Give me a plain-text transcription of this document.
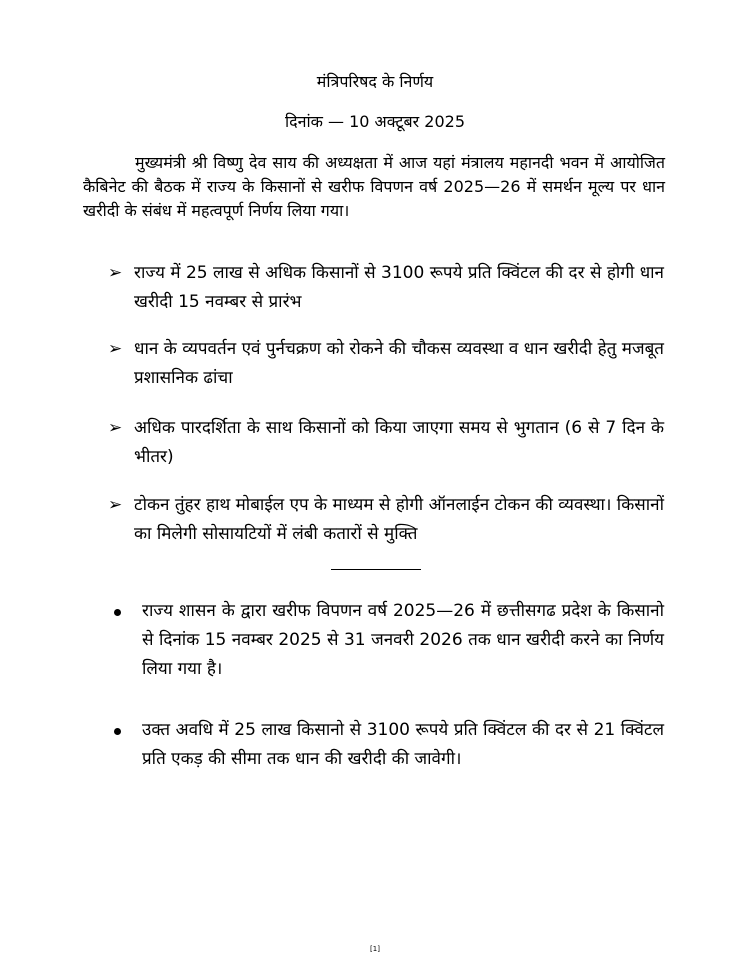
मंत्रिपरिषद के निर्णय
दिनांक — 10 अक्टूबर 2025
मुख्यमंत्री श्री विष्णु देव साय की अध्यक्षता में आज यहां मंत्रालय महानदी भवन में आयोजित कैबिनेट की बैठक में राज्य के किसानों से खरीफ विपणन वर्ष 2025—26 में समर्थन मूल्य पर धान खरीदी के संबंध में महत्वपूर्ण निर्णय लिया गया।
➢ राज्य में 25 लाख से अधिक किसानों से 3100 रूपये प्रति क्विंटल की दर से होगी धान खरीदी 15 नवम्बर से प्रारंभ
➢ धान के व्यपवर्तन एवं पुर्नचक्रण को रोकने की चौकस व्यवस्था व धान खरीदी हेतु मजबूत प्रशासनिक ढांचा
➢ अधिक पारदर्शिता के साथ किसानों को किया जाएगा समय से भुगतान (6 से 7 दिन के भीतर)
➢ टोकन तुंहर हाथ मोबाईल एप के माध्यम से होगी ऑनलाईन टोकन की व्यवस्था। किसानों का मिलेगी सोसायटियों में लंबी कतारों से मुक्ति
राज्य शासन के द्वारा खरीफ विपणन वर्ष 2025—26 में छत्तीसगढ प्रदेश के किसानो से दिनांक 15 नवम्बर 2025 से 31 जनवरी 2026 तक धान खरीदी करने का निर्णय लिया गया है।
उक्त अवधि में 25 लाख किसानो से 3100 रूपये प्रति क्विंटल की दर से 21 क्विंटल प्रति एकड़ की सीमा तक धान की खरीदी की जावेगी।
[1]
